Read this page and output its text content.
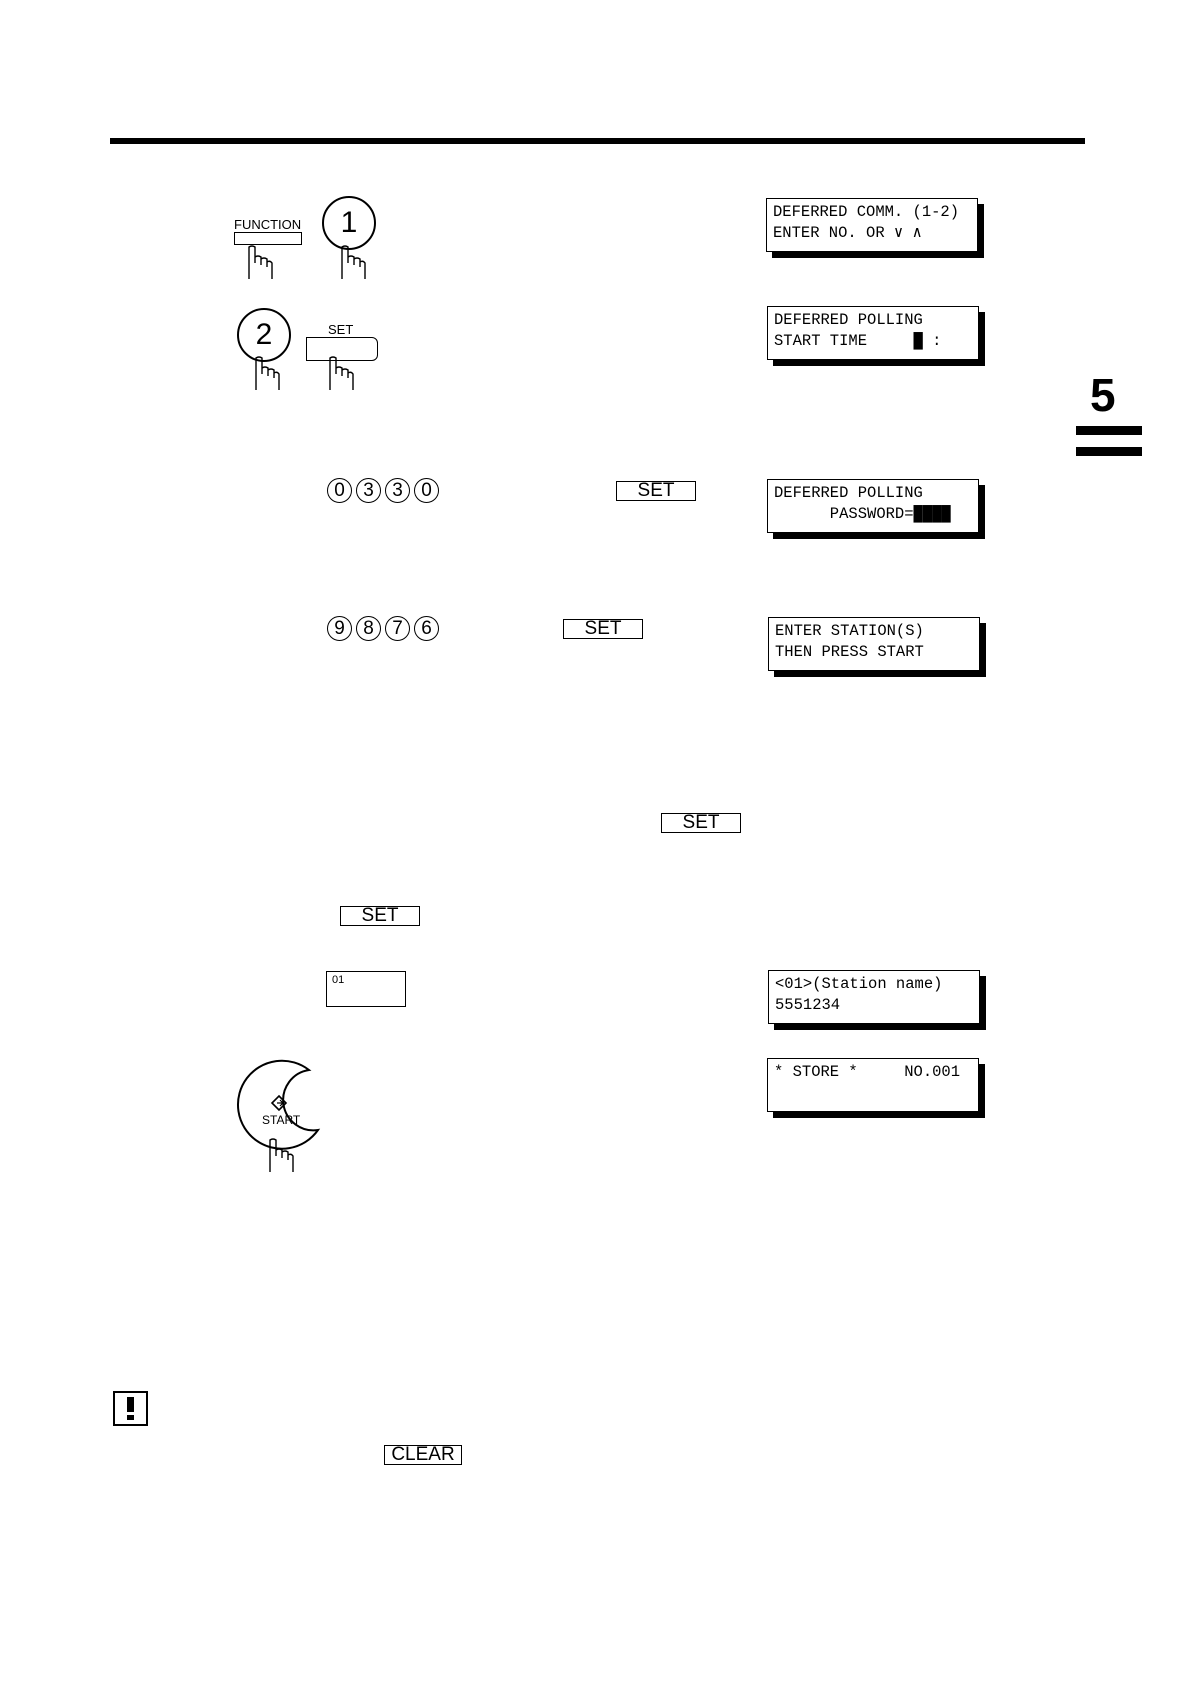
5
FUNCTION 1	DEFERRED COMM. (1-2)
ENTER NO. OR ∨ ∧
2	SET
DEFERRED POLLING
START TIME     █ :
0 3 3 0	SET	DEFERRED POLLING
PASSWORD=████
9 8 7 6	SET	ENTER STATION(S)
THEN PRESS START
SET
SET
01	<01>(Station name)
5551234
START
* STORE *     NO.001
CLEAR
